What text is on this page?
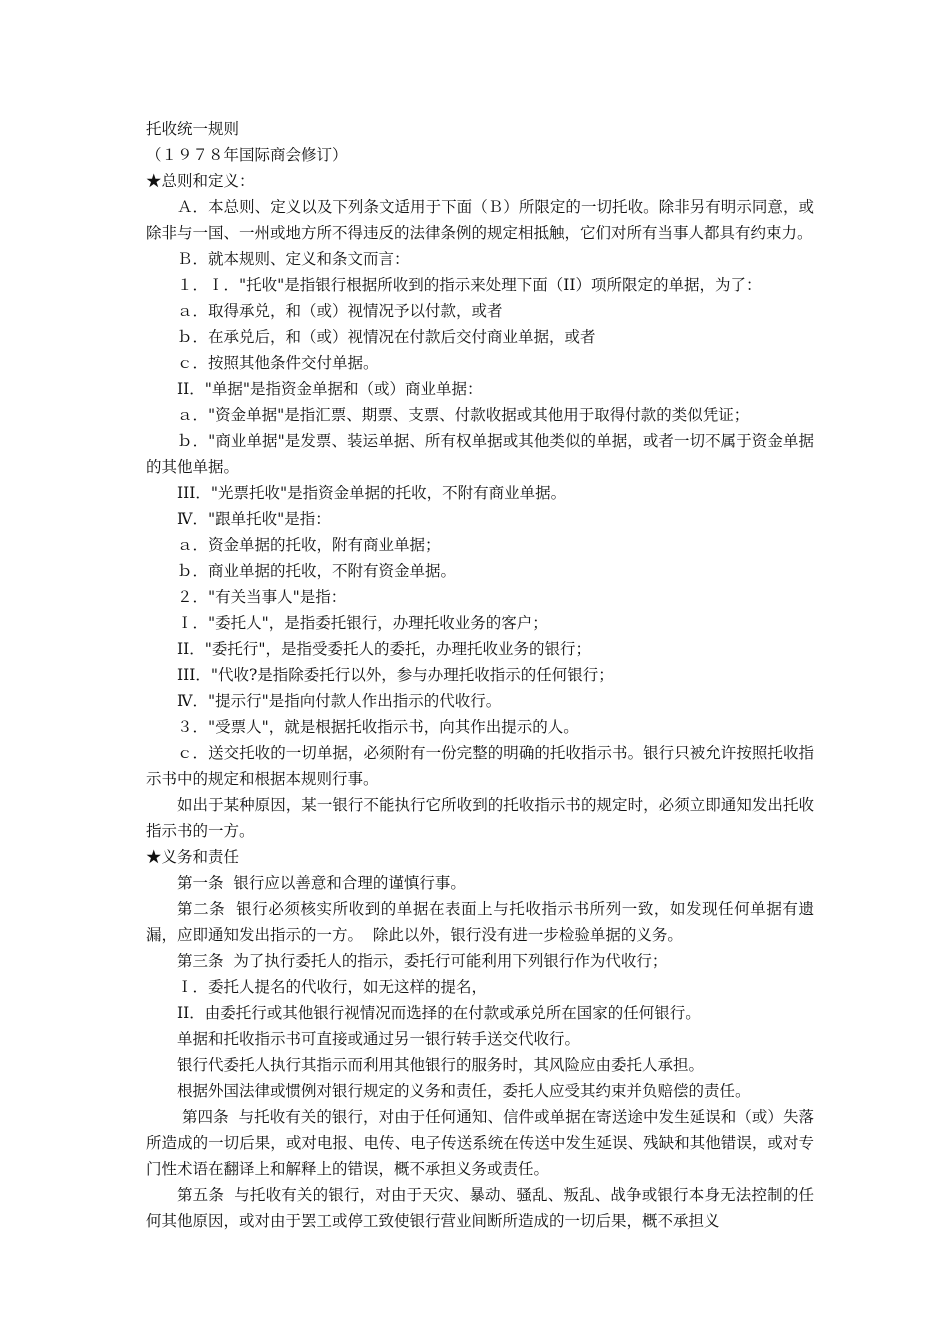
托收统一规则
（１９７８年国际商会修订）
★总则和定义：
Ａ．本总则、定义以及下列条文适用于下面（Ｂ）所限定的一切托收。除非另有明示同意，或除非与一国、一州或地方所不得违反的法律条例的规定相抵触，它们对所有当事人都具有约束力。
Ｂ．就本规则、定义和条文而言：
１．Ｉ．"托收"是指银行根据所收到的指示来处理下面（II）项所限定的单据，为了：
ａ．取得承兑，和（或）视情况予以付款，或者
ｂ．在承兑后，和（或）视情况在付款后交付商业单据，或者
ｃ．按照其他条件交付单据。
II．"单据"是指资金单据和（或）商业单据：
ａ．"资金单据"是指汇票、期票、支票、付款收据或其他用于取得付款的类似凭证；
ｂ．"商业单据"是发票、装运单据、所有权单据或其他类似的单据，或者一切不属于资金单据的其他单据。
III．"光票托收"是指资金单据的托收，不附有商业单据。
Ⅳ．"跟单托收"是指：
ａ．资金单据的托收，附有商业单据；
ｂ．商业单据的托收，不附有资金单据。
２．"有关当事人"是指：
Ｉ．"委托人"，是指委托银行，办理托收业务的客户；
II．"委托行"，是指受委托人的委托，办理托收业务的银行；
III．"代收?是指除委托行以外，参与办理托收指示的任何银行；
Ⅳ．"提示行"是指向付款人作出指示的代收行。
３．"受票人"，就是根据托收指示书，向其作出提示的人。
ｃ．送交托收的一切单据，必须附有一份完整的明确的托收指示书。银行只被允许按照托收指示书中的规定和根据本规则行事。
如出于某种原因，某一银行不能执行它所收到的托收指示书的规定时，必须立即通知发出托收指示书的一方。
★义务和责任
第一条  银行应以善意和合理的谨慎行事。
第二条  银行必须核实所收到的单据在表面上与托收指示书所列一致，如发现任何单据有遗漏，应即通知发出指示的一方。  除此以外，银行没有进一步检验单据的义务。
第三条  为了执行委托人的指示，委托行可能利用下列银行作为代收行；
Ｉ．委托人提名的代收行，如无这样的提名，
II．由委托行或其他银行视情况而选择的在付款或承兑所在国家的任何银行。
单据和托收指示书可直接或通过另一银行转手送交代收行。
银行代委托人执行其指示而利用其他银行的服务时，其风险应由委托人承担。
根据外国法律或惯例对银行规定的义务和责任，委托人应受其约束并负赔偿的责任。
第四条  与托收有关的银行，对由于任何通知、信件或单据在寄送途中发生延误和（或）失落所造成的一切后果，或对电报、电传、电子传送系统在传送中发生延误、残缺和其他错误，或对专门性术语在翻译上和解释上的错误，概不承担义务或责任。
第五条  与托收有关的银行，对由于天灾、暴动、骚乱、叛乱、战争或银行本身无法控制的任何其他原因，或对由于罢工或停工致使银行营业间断所造成的一切后果，概不承担义
